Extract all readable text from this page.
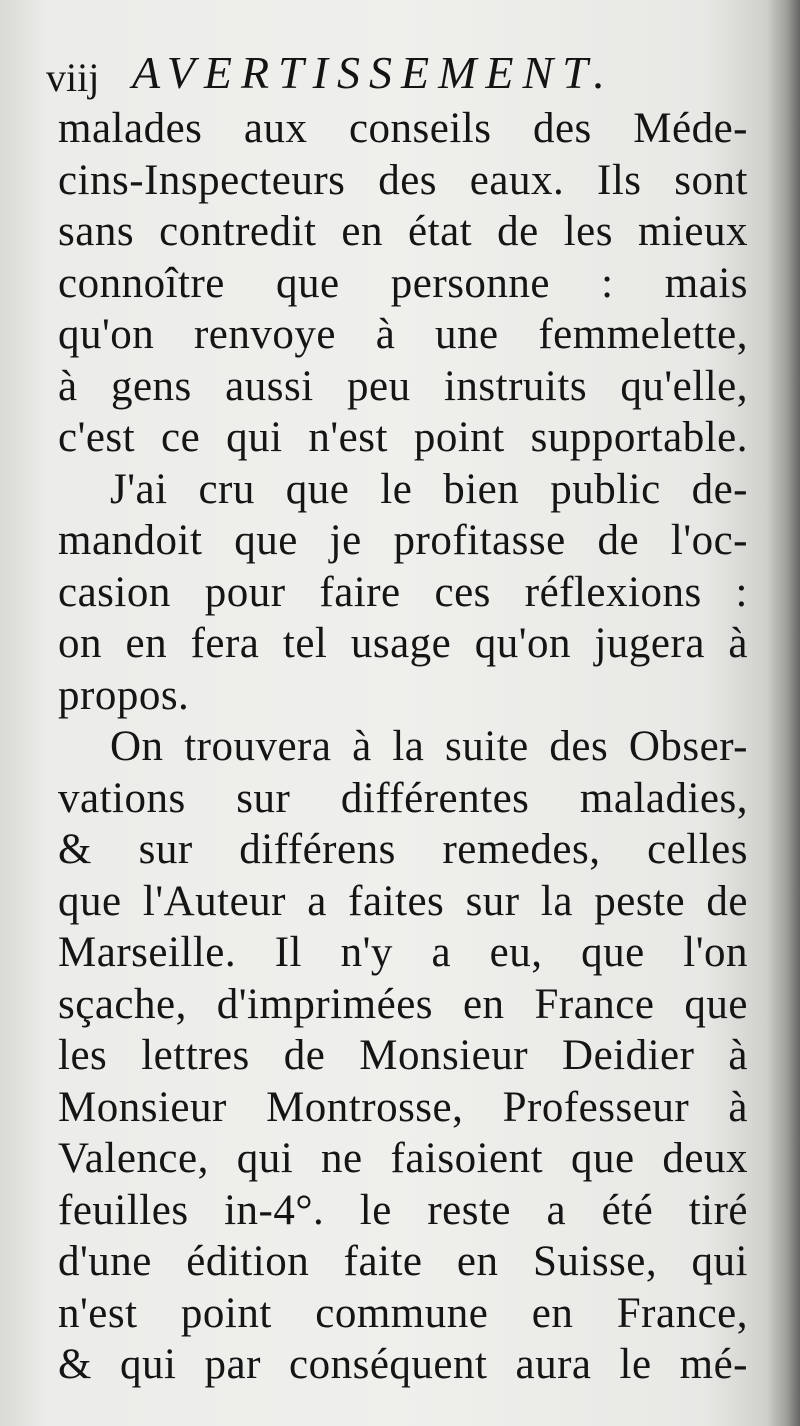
viij AVERTISSEMENT.
malades aux conseils des Méde-
cins-Inspecteurs des eaux. Ils sont
sans contredit en état de les mieux
connoître que personne : mais
qu'on renvoye à une femmelette,
à gens aussi peu instruits qu'elle,
c'est ce qui n'est point supportable.
J'ai cru que le bien public de-
mandoit que je profitasse de l'oc-
casion pour faire ces réflexions :
on en fera tel usage qu'on jugera à
propos.
On trouvera à la suite des Obser-
vations sur différentes maladies,
& sur différens remedes, celles
que l'Auteur a faites sur la peste de
Marseille. Il n'y a eu, que l'on
sçache, d'imprimées en France que
les lettres de Monsieur Deidier à
Monsieur Montrosse, Professeur à
Valence, qui ne faisoient que deux
feuilles in-4°. le reste a été tiré
d'une édition faite en Suisse, qui
n'est point commune en France,
& qui par conséquent aura le mé-
